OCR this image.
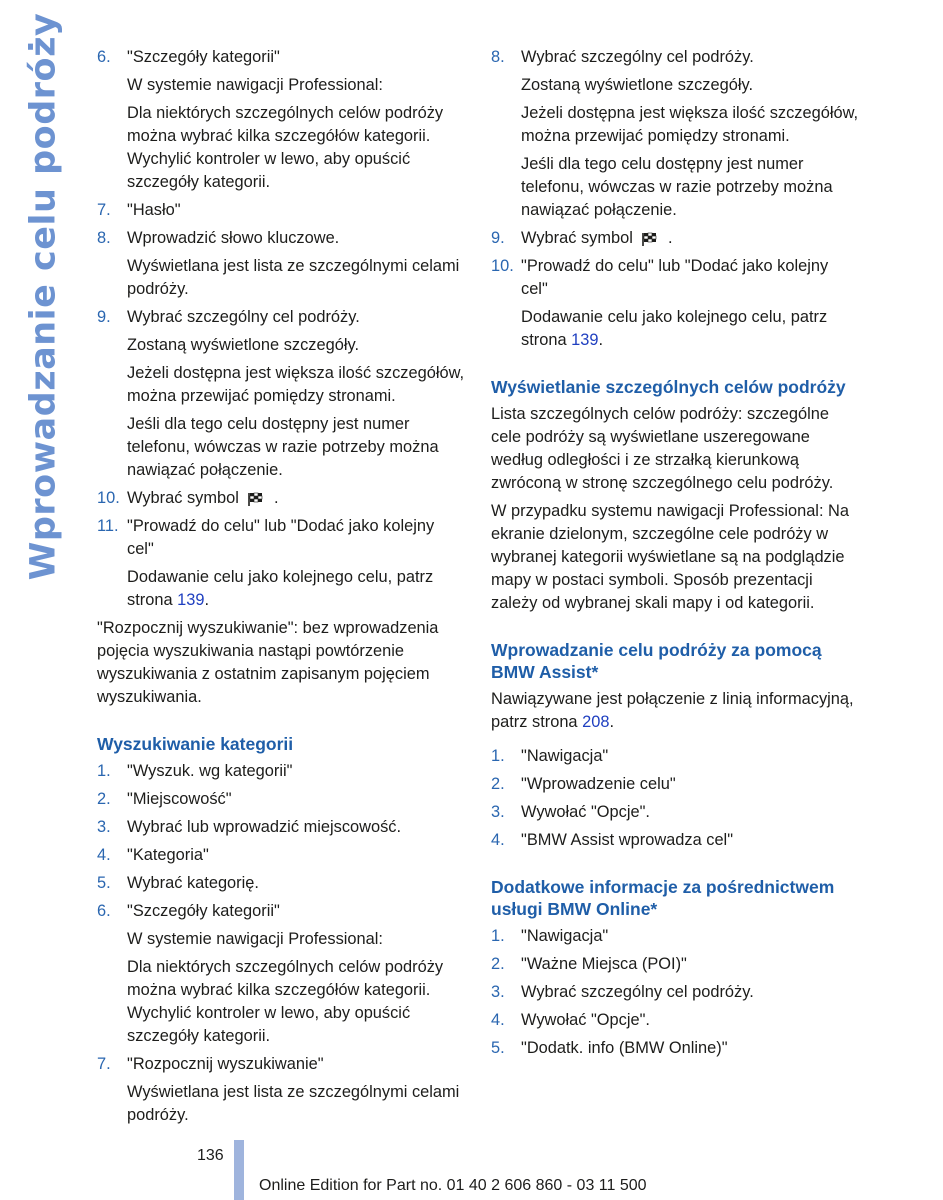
Wprowadzanie celu podróży 6. "Szczegóły kategorii"
W systemie nawigacji Professional:
Dla niektórych szczególnych celów podróży można wybrać kilka szczegółów kategorii. Wychylić kontroler w lewo, aby opuścić szczegóły kategorii.
7. "Hasło"
8. Wprowadzić słowo kluczowe.
Wyświetlana jest lista ze szczególnymi celami podróży.
9. Wybrać szczególny cel podróży.
Zostaną wyświetlone szczegóły.
Jeżeli dostępna jest większa ilość szczegółów, można przewijać pomiędzy stronami.
Jeśli dla tego celu dostępny jest numer telefonu, wówczas w razie potrzeby można nawiązać połączenie.
10. Wybrać symbol .
11. "Prowadź do celu" lub "Dodać jako kolejny cel"
Dodawanie celu jako kolejnego celu, patrz strona 139.
"Rozpocznij wyszukiwanie": bez wprowadzenia pojęcia wyszukiwania nastąpi powtórzenie wyszukiwania z ostatnim zapisanym pojęciem wyszukiwania.
Wyszukiwanie kategorii
1. "Wyszuk. wg kategorii"
2. "Miejscowość"
3. Wybrać lub wprowadzić miejscowość.
4. "Kategoria"
5. Wybrać kategorię.
6. "Szczegóły kategorii"
W systemie nawigacji Professional:
Dla niektórych szczególnych celów podróży można wybrać kilka szczegółów kategorii. Wychylić kontroler w lewo, aby opuścić szczegóły kategorii.
7. "Rozpocznij wyszukiwanie"
Wyświetlana jest lista ze szczególnymi celami podróży.
8. Wybrać szczególny cel podróży.
Zostaną wyświetlone szczegóły.
Jeżeli dostępna jest większa ilość szczegółów, można przewijać pomiędzy stronami.
Jeśli dla tego celu dostępny jest numer telefonu, wówczas w razie potrzeby można nawiązać połączenie.
9. Wybrać symbol .
10. "Prowadź do celu" lub "Dodać jako kolejny cel"
Dodawanie celu jako kolejnego celu, patrz strona 139.
Wyświetlanie szczególnych celów podróży
Lista szczególnych celów podróży: szczególne cele podróży są wyświetlane uszeregowane według odległości i ze strzałką kierunkową zwróconą w stronę szczególnego celu podróży.
W przypadku systemu nawigacji Professional: Na ekranie dzielonym, szczególne cele podróży w wybranej kategorii wyświetlane są na podglądzie mapy w postaci symboli. Sposób prezentacji zależy od wybranej skali mapy i od kategorii.
Wprowadzanie celu podróży za pomocą BMW Assist*
Nawiązywane jest połączenie z linią informacyjną, patrz strona 208.
1. "Nawigacja"
2. "Wprowadzenie celu"
3. Wywołać "Opcje".
4. "BMW Assist wprowadza cel"
Dodatkowe informacje za pośrednictwem usługi BMW Online*
1. "Nawigacja"
2. "Ważne Miejsca (POI)"
3. Wybrać szczególny cel podróży.
4. Wywołać "Opcje".
5. "Dodatk. info (BMW Online)"
136
Online Edition for Part no. 01 40 2 606 860 - 03 11 500
